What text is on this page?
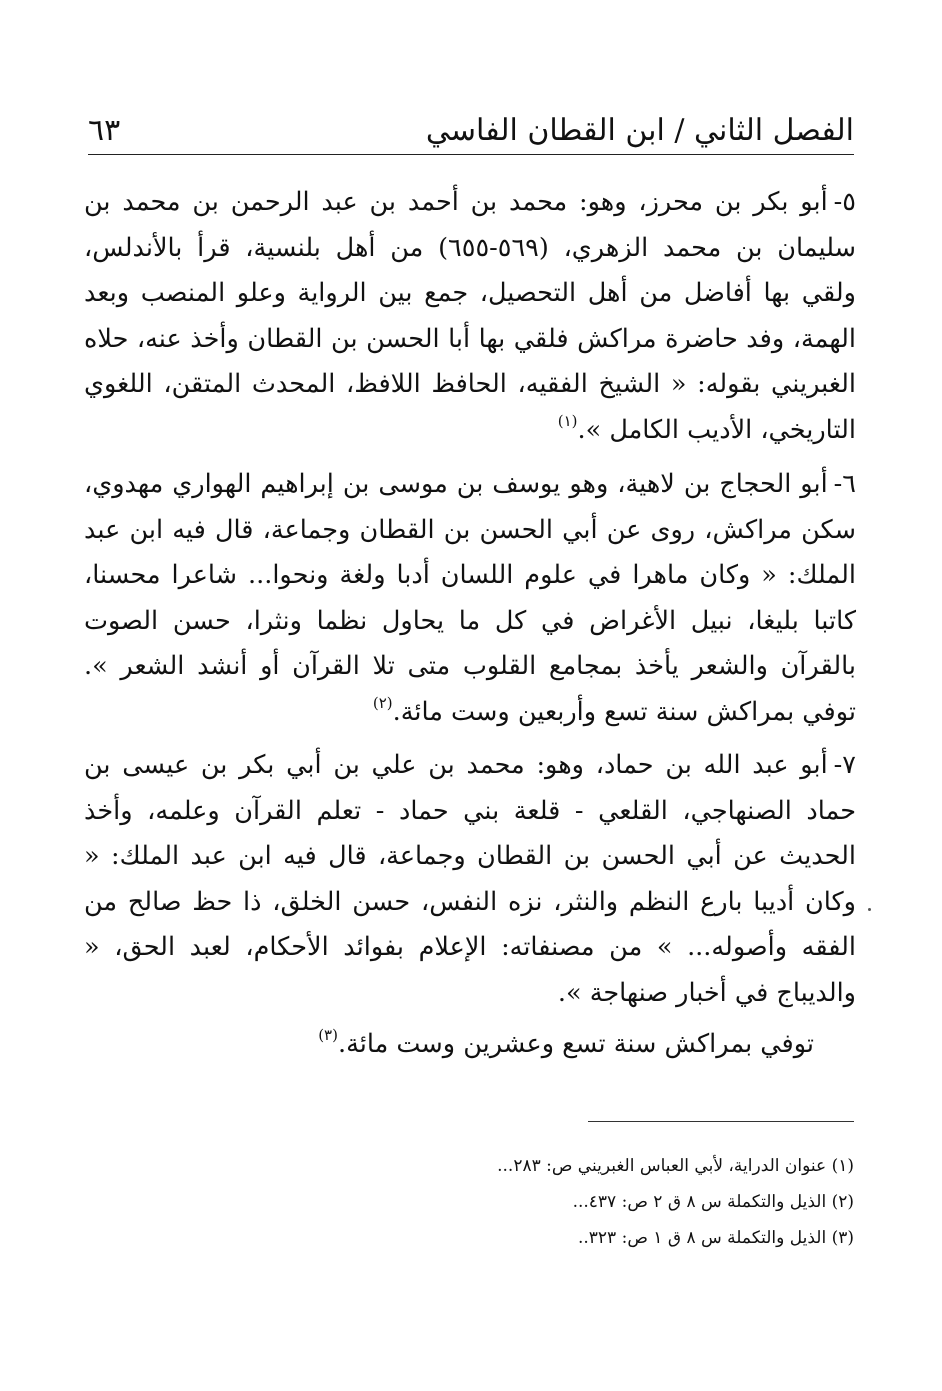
الفصل الثاني / ابن القطان الفاسي
٦٣
٥-أبو بكر بن محرز، وهو: محمد بن أحمد بن عبد الرحمن بن محمد بن سليمان بن محمد الزهري، (٥٦٩-٦٥٥) من أهل بلنسية، قرأ بالأندلس، ولقي بها أفاضل من أهل التحصيل، جمع بين الرواية وعلو المنصب وبعد الهمة، وفد حاضرة مراكش فلقي بها أبا الحسن بن القطان وأخذ عنه، حلاه الغبريني بقوله: « الشيخ الفقيه، الحافظ اللافظ، المحدث المتقن، اللغوي التاريخي، الأديب الكامل ».$^{(١)}$
٦-أبو الحجاج بن لاهية، وهو يوسف بن موسى بن إبراهيم الهواري مهدوي، سكن مراكش، روى عن أبي الحسن بن القطان وجماعة، قال فيه ابن عبد الملك: « وكان ماهرا في علوم اللسان أدبا ولغة ونحوا... شاعرا محسنا، كاتبا بليغا، نبيل الأغراض في كل ما يحاول نظما ونثرا، حسن الصوت بالقرآن والشعر يأخذ بمجامع القلوب متى تلا القرآن أو أنشد الشعر ». توفي بمراكش سنة تسع وأربعين وست مائة.$^{(٢)}$
٧-أبو عبد الله بن حماد، وهو: محمد بن علي بن أبي بكر بن عيسى بن حماد الصنهاجي، القلعي - قلعة بني حماد - تعلم القرآن وعلمه، وأخذ الحديث عن أبي الحسن بن القطان وجماعة، قال فيه ابن عبد الملك: « وكان أديبا بارع النظم والنثر، نزه النفس، حسن الخلق، ذا حظ صالح من الفقه وأصوله... » من مصنفاته: الإعلام بفوائد الأحكام، لعبد الحق، « والديباج في أخبار صنهاجة ».
توفي بمراكش سنة تسع وعشرين وست مائة.$^{(٣)}$
(١) عنوان الدراية، لأبي العباس الغبريني ص: ٢٨٣...
(٢) الذيل والتكملة س ٨ ق ٢ ص: ٤٣٧...
(٣) الذيل والتكملة س ٨ ق ١ ص: ٣٢٣..
